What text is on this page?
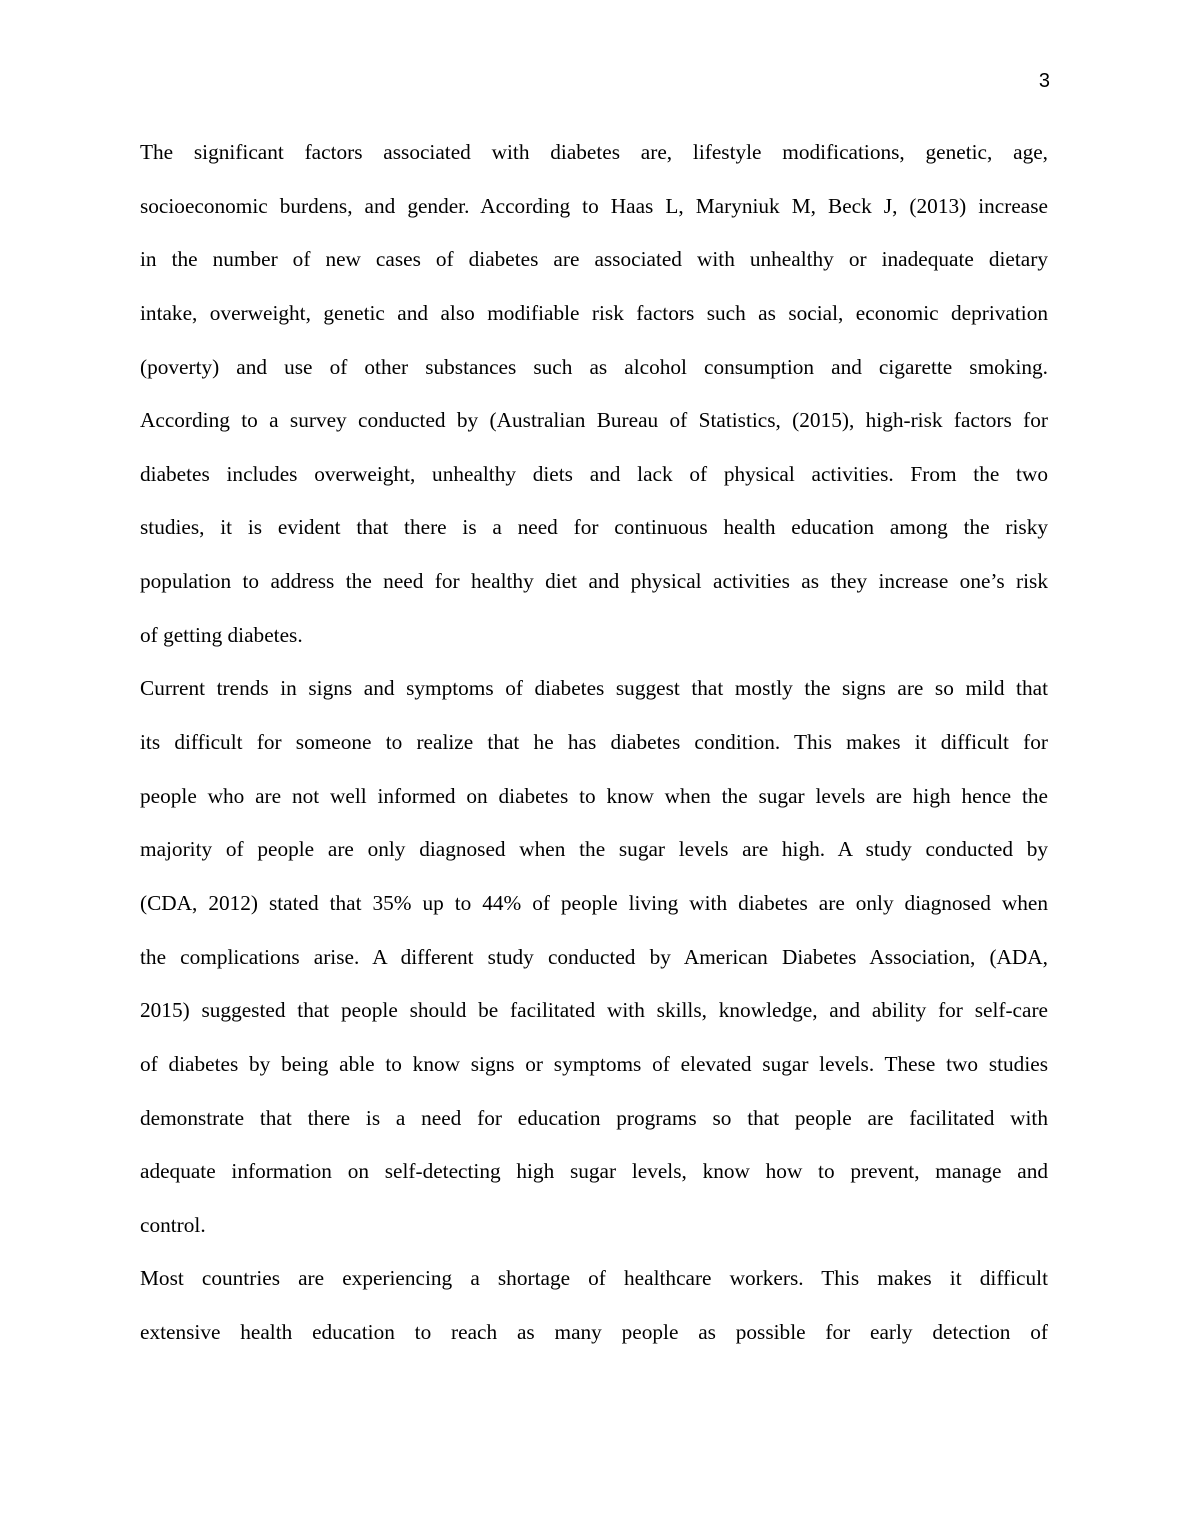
3
The significant factors associated with diabetes are, lifestyle modifications, genetic, age,
socioeconomic burdens, and gender. According to Haas L, Maryniuk M, Beck J, (2013) increase
in the number of new cases of diabetes are associated with unhealthy or inadequate dietary
intake, overweight, genetic and also modifiable risk factors such as social, economic deprivation
(poverty) and use of other substances such as alcohol consumption and cigarette smoking.
According to a survey conducted by (Australian Bureau of Statistics, (2015), high-risk factors for
diabetes includes overweight, unhealthy diets and lack of physical activities. From the two
studies, it is evident that there is a need for continuous health education among the risky
population to address the need for healthy diet and physical activities as they increase one’s risk
of getting diabetes.
Current trends in signs and symptoms of diabetes suggest that mostly the signs are so mild that
its difficult for someone to realize that he has diabetes condition. This makes it difficult for
people who are not well informed on diabetes to know when the sugar levels are high hence the
majority of people are only diagnosed when the sugar levels are high. A study conducted by
(CDA, 2012) stated that 35% up to 44% of people living with diabetes are only diagnosed when
the complications arise. A different study conducted by American Diabetes Association, (ADA,
2015) suggested that people should be facilitated with skills, knowledge, and ability for self-care
of diabetes by being able to know signs or symptoms of elevated sugar levels. These two studies
demonstrate that there is a need for education programs so that people are facilitated with
adequate information on self-detecting high sugar levels, know how to prevent, manage and
control.
Most countries are experiencing a shortage of healthcare workers. This makes it difficult
extensive health education to reach as many people as possible for early detection of
